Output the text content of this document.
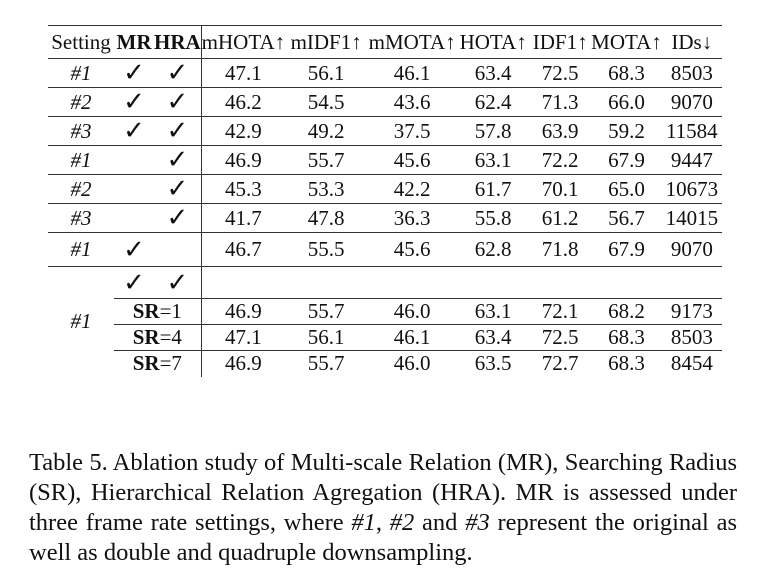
Setting	MR	HRA	mHOTA↑	mIDF1↑	mMOTA↑	HOTA↑	IDF1↑	MOTA↑	IDs↓
#1	✓	✓	47.1	56.1	46.1	63.4	72.5	68.3	8503
#2	✓	✓	46.2	54.5	43.6	62.4	71.3	66.0	9070
#3	✓	✓	42.9	49.2	37.5	57.8	63.9	59.2	11584
#1		✓	46.9	55.7	45.6	63.1	72.2	67.9	9447
#2		✓	45.3	53.3	42.2	61.7	70.1	65.0	10673
#3		✓	41.7	47.8	36.3	55.8	61.2	56.7	14015
#1	✓		46.7	55.5	45.6	62.8	71.8	67.9	9070
#1	✓	✓							
	SR=1		46.9	55.7	46.0	63.1	72.1	68.2	9173
	SR=4		47.1	56.1	46.1	63.4	72.5	68.3	8503
	SR=7		46.9	55.7	46.0	63.5	72.7	68.3	8454

Table 5. Ablation study of Multi-scale Relation (MR), Searching Radius (SR), Hierarchical Relation Agregation (HRA). MR is assessed under three frame rate settings, where #1, #2 and #3 represent the original as well as double and quadruple downsampling.
